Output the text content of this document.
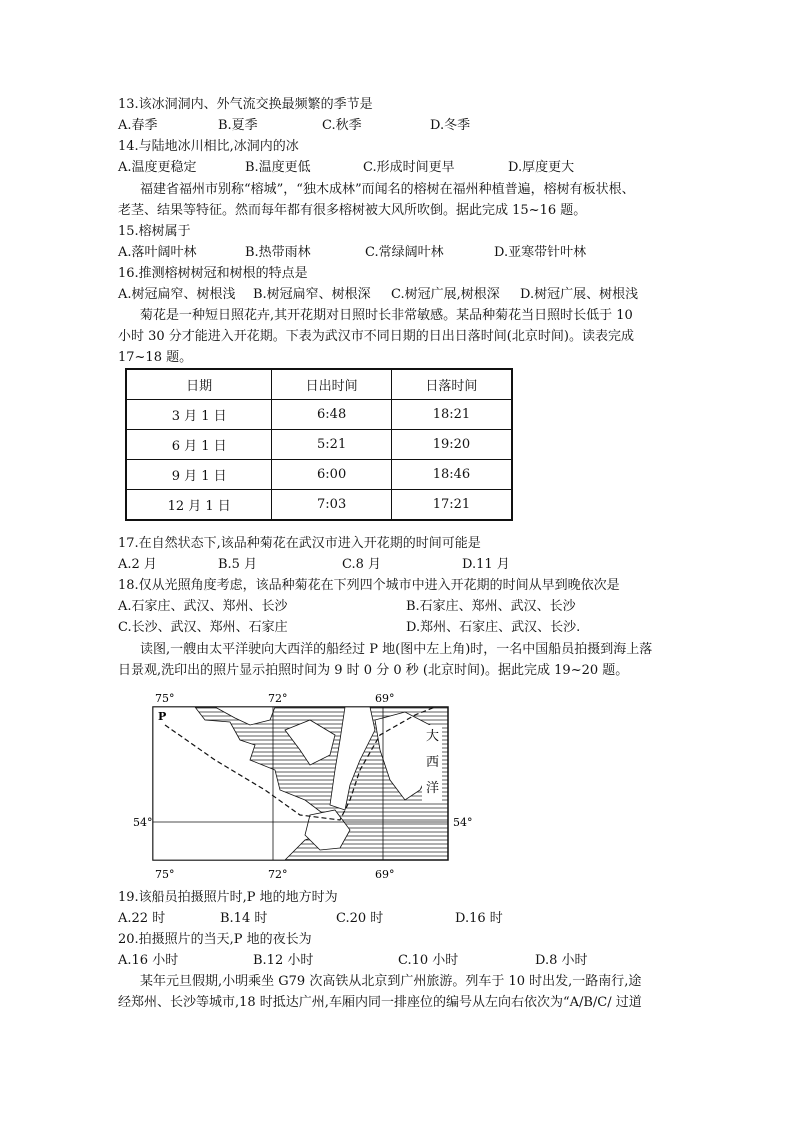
13.该冰洞洞内、外气流交换最频繁的季节是
A.春季	B.夏季	C.秋季	D.冬季
14.与陆地冰川相比,冰洞内的冰
A.温度更稳定	B.温度更低	C.形成时间更早	D.厚度更大
福建省福州市别称“榕城”，“独木成林”而闻名的榕树在福州种植普遍，榕树有板状根、
老茎、结果等特征。然而每年都有很多榕树被大风所吹倒。据此完成 15~16 题。
15.榕树属于
A.落叶阔叶林	B.热带雨林	C.常绿阔叶林	D.亚寒带针叶林
16.推测榕树树冠和树根的特点是
A.树冠扁窄、树根浅 B.树冠扁窄、树根深 C.树冠广展,树根深 D.树冠广展、树根浅
菊花是一种短日照花卉,其开花期对日照时长非常敏感。某品种菊花当日照时长低于 10
小时 30 分才能进入开花期。下表为武汉市不同日期的日出日落时间(北京时间)。读表完成
17~18 题。
日期	日出时间	日落时间
3 月 1 日	6:48	18:21
6 月 1 日	5:21	19:20
9 月 1 日	6:00	18:46
12 月 1 日	7:03	17:21
17.在自然状态下,该品种菊花在武汉市进入开花期的时间可能是
A.2 月	B.5 月	C.8 月	D.11 月
18.仅从光照角度考虑，该品种菊花在下列四个城市中进入开花期的时间从早到晚依次是
A.石家庄、武汉、郑州、长沙	B.石家庄、郑州、武汉、长沙
C.长沙、武汉、郑州、石家庄	D.郑州、石家庄、武汉、长沙.
读图,一艘由太平洋驶向大西洋的船经过 P 地(图中左上角)时，一名中国船员拍摄到海上落
日景观,洗印出的照片显示拍照时间为 9 时 0 分 0 秒 (北京时间)。据此完成 19~20 题。
75°	72°	69°
P
大
西
洋
54°	54°
75°	72°	69°
19.该船员拍摄照片时,P 地的地方时为
A.22 时	B.14 时	C.20 时	D.16 时
20.拍摄照片的当天,P 地的夜长为
A.16 小时	B.12 小时	C.10 小时	D.8 小时
某年元旦假期,小明乘坐 G79 次高铁从北京到广州旅游。列车于 10 时出发,一路南行,途
经郑州、长沙等城市,18 时抵达广州,车厢内同一排座位的编号从左向右依次为“A/B/C/ 过道
